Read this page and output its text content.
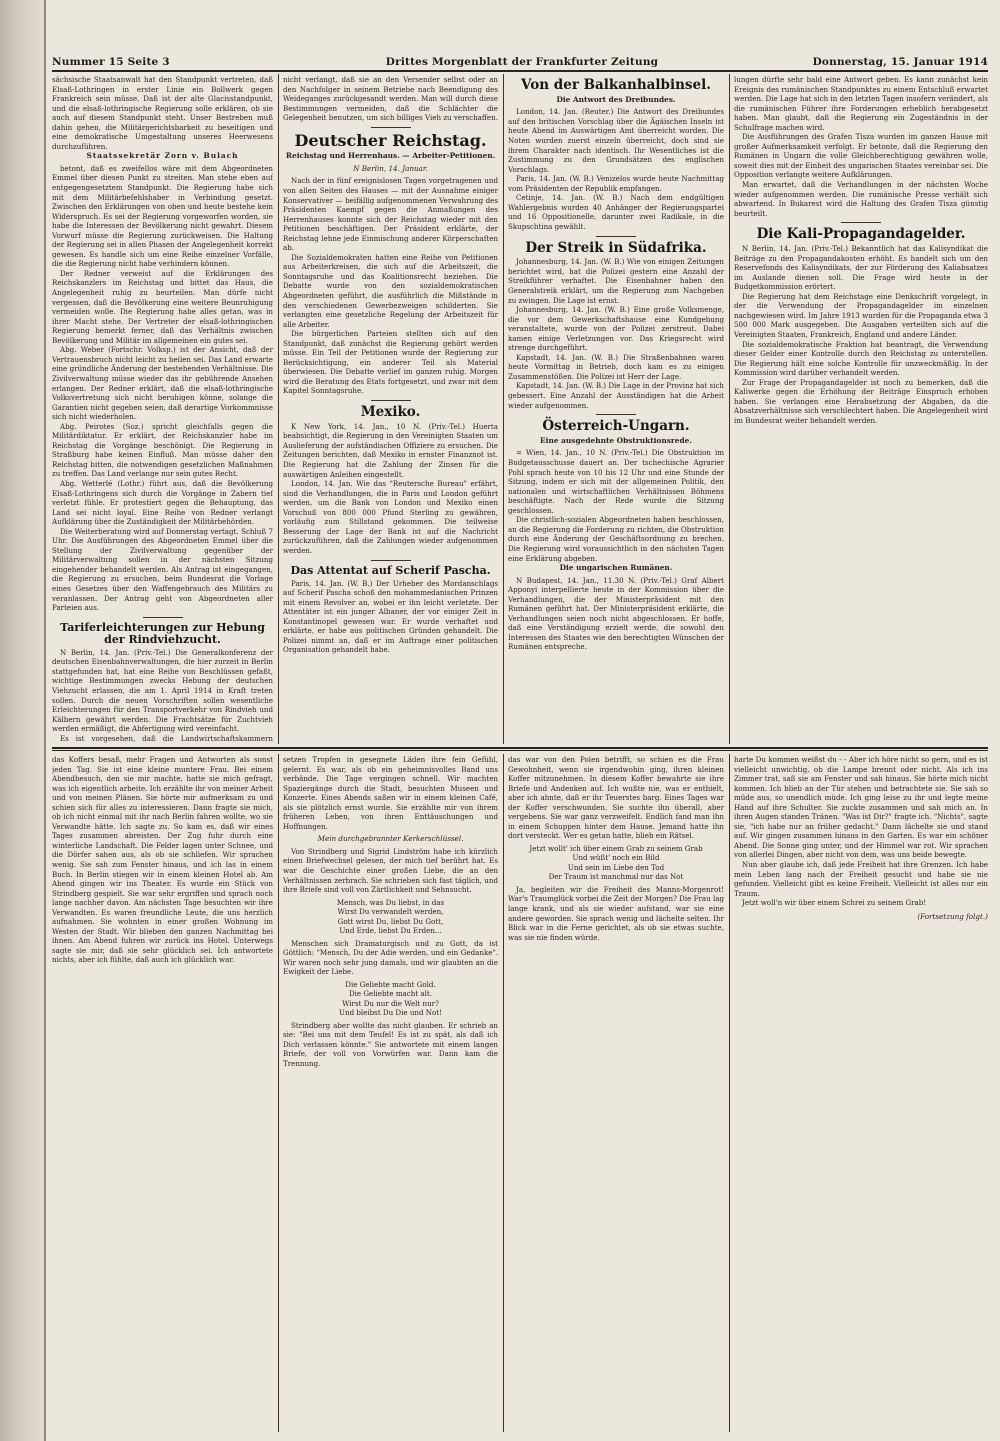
Nummer 15 Seite 3	Drittes Morgenblatt der Frankfurter Zeitung	Donnerstag, 15. Januar 1914

sächsische Staatsanwalt hat den Standpunkt vertreten, daß Elsaß-Lothringen in erster Linie ein Bollwerk gegen Frankreich sein müsse. Daß ist der alte Glacisstandpunkt, und die elsaß-lothringische Regierung solle erklären, ob sie auch auf diesem Standpunkt steht. Unser Bestreben muß dahin gehen, die Militärgerichtsbarkeit zu beseitigen und eine demokratische Umgestaltung unseres Heerwesens durchzuführen.

Staatssekretär Zorn v. Bulach

betont, daß es zweifellos wäre mit dem Abgeordneten Emmel über diesen Punkt zu streiten. Man stehe eben auf entgegengesetztem Standpunkt. Die Regierung habe sich mit dem Militärbefehlshaber in Verbindung gesetzt. Zwischen den Erklärungen von oben und heute bestehe kein Widerspruch. Es sei der Regierung vorgeworfen worden, sie habe die Interessen der Bevölkerung nicht gewahrt. Diesem Vorwurf müsse die Regierung zurückweisen. Die Haltung der Regierung sei in allen Phasen der Angelegenheit korrekt gewesen. Es handle sich um eine Reihe einzelner Vorfälle, die die Regierung nicht habe verhindern können.

Der Redner verweist auf die Erklärungen des Reichskanzlers im Reichstag und bittet das Haus, die Angelegenheit ruhig zu beurteilen. Man dürfe nicht vergessen, daß die Bevölkerung eine weitere Beunruhigung vermeiden wolle. Die Regierung habe alles getan, was in ihrer Macht stehe. Der Vertreter der elsaß-lothringischen Regierung bemerkt ferner, daß das Verhältnis zwischen Bevölkerung und Militär im allgemeinen ein gutes sei.

Abg. Weber (Fortschr. Volksp.) ist der Ansicht, daß der Vertrauensbruch nicht leicht zu heilen sei. Das Land erwarte eine gründliche Änderung der bestehenden Verhältnisse. Die Zivilverwaltung müsse wieder das ihr gebührende Ansehen erlangen. Der Redner erklärt, daß die elsaß-lothringische Volksvertretung sich nicht beruhigen könne, solange die Garantien nicht gegeben seien, daß derartige Vorkommnisse sich nicht wiederholen.

Abg. Peirotes (Soz.) spricht gleichfalls gegen die Militärdiktatur. Er erklärt, der Reichskanzler habe im Reichstag die Vorgänge beschönigt. Die Regierung in Straßburg habe keinen Einfluß. Man müsse daher den Reichstag bitten, die notwendigen gesetzlichen Maßnahmen zu treffen. Das Land verlange nur sein gutes Recht.

Abg. Wetterlé (Lothr.) führt aus, daß die Bevölkerung Elsaß-Lothringens sich durch die Vorgänge in Zabern tief verletzt fühle. Er protestiert gegen die Behauptung, das Land sei nicht loyal. Eine Reihe von Redner verlangt Aufklärung über die Zuständigkeit der Militärbehörden.

Die Weiterberatung wird auf Donnerstag vertagt. Schluß 7 Uhr. Die Ausführungen des Abgeordneten Emmel über die Stellung der Zivilverwaltung gegenüber der Militärverwaltung sollen in der nächsten Sitzung eingehender behandelt werden. Als Antrag ist eingegangen, die Regierung zu ersuchen, beim Bundesrat die Vorlage eines Gesetzes über den Waffengebrauch des Militärs zu veranlassen. Der Antrag geht von Abgeordneten aller Parteien aus.

Tariferleichterungen zur Hebung der Rindviehzucht.

N Berlin, 14. Jan. (Priv.-Tel.) Die Generalkonferenz der deutschen Eisenbahnverwaltungen, die hier zurzeit in Berlin stattgefunden hat, hat eine Reihe von Beschlüssen gefaßt, wichtige Bestimmungen zwecks Hebung der deutschen Viehzucht erlassen, die am 1. April 1914 in Kraft treten sollen. Durch die neuen Vorschriften sollen wesentliche Erleichterungen für den Transportverkehr von Rindvieh und Kälbern gewährt werden. Die Frachtsätze für Zuchtvieh werden ermäßigt, die Abfertigung wird vereinfacht.

Es ist vorgesehen, daß die Landwirtschaftskammern

nicht verlangt, daß sie an den Versender selbst oder an den Nachfolger in seinem Betriebe nach Beendigung des Weideganges zurückgesandt werden. Man will durch diese Bestimmungen vermeiden, daß die Schlächter die Gelegenheit benutzen, um sich billiges Vieh zu verschaffen.

Deutscher Reichstag.
Reichstag und Herrenhaus. — Arbeiter-Petitionen.
N Berlin, 14. Januar.

Nach der in fünf ereignislosen Tagen vorgetragenen und von allen Seiten des Hauses — mit der Ausnahme einiger Konservativer — beifällig aufgenommenen Verwahrung des Präsidenten Kaempf gegen die Anmaßungen des Herrenhauses konnte sich der Reichstag wieder mit den Petitionen beschäftigen. Der Präsident erklärte, der Reichstag lehne jede Einmischung anderer Körperschaften ab.

Die Sozialdemokraten hatten eine Reihe von Petitionen aus Arbeiterkreisen, die sich auf die Arbeitszeit, die Sonntagsruhe und das Koalitionsrecht beziehen. Die Debatte wurde von den sozialdemokratischen Abgeordneten geführt, die ausführlich die Mißstände in den verschiedenen Gewerbezweigen schilderten. Sie verlangten eine gesetzliche Regelung der Arbeitszeit für alle Arbeiter.

Die bürgerlichen Parteien stellten sich auf den Standpunkt, daß zunächst die Regierung gehört werden müsse. Ein Teil der Petitionen wurde der Regierung zur Berücksichtigung, ein anderer Teil als Material überwiesen. Die Debatte verlief im ganzen ruhig. Morgen wird die Beratung des Etats fortgesetzt, und zwar mit dem Kapitel Sonntagsruhe.

Mexiko.

K New York, 14. Jan., 10 N. (Priv.-Tel.) Huerta beabsichtigt, die Regierung in den Vereinigten Staaten um Auslieferung der aufständischen Offiziere zu ersuchen. Die Zeitungen berichten, daß Mexiko in ernster Finanznot ist. Die Regierung hat die Zahlung der Zinsen für die auswärtigen Anleihen eingestellt.

London, 14. Jan. Wie das "Reutersche Bureau" erfährt, sind die Verhandlungen, die in Paris und London geführt werden, um die Bank von London und Mexiko einen Vorschuß von 800 000 Pfund Sterling zu gewähren, vorläufig zum Stillstand gekommen. Die teilweise Besserung der Lage der Bank ist auf die Nachricht zurückzuführen, daß die Zahlungen wieder aufgenommen werden.

Das Attentat auf Scherif Pascha.

Paris, 14. Jan. (W. B.) Der Urheber des Mordanschlags auf Scherif Pascha schoß den mohammedanischen Prinzen mit einem Revolver an, wobei er ihn leicht verletzte. Der Attentäter ist ein junger Albaner, der vor einiger Zeit in Konstantinopel gewesen war. Er wurde verhaftet und erklärte, er habe aus politischen Gründen gehandelt. Die Polizei nimmt an, daß er im Auftrage einer politischen Organisation gehandelt habe.

Von der Balkanhalbinsel.
Die Antwort des Dreibundes.

London, 14. Jan. (Reuter.) Die Antwort des Dreibundes auf den britischen Vorschlag über die Ägäischen Inseln ist heute Abend im Auswärtigen Amt überreicht worden. Die Noten wurden zuerst einzeln überreicht, doch sind sie ihrem Charakter nach identisch. Ihr Wesentliches ist die Zustimmung zu den Grundsätzen des englischen Vorschlags.

Paris, 14. Jan. (W. B.) Venizelos wurde heute Nachmittag vom Präsidenten der Republik empfangen.

Cetinje, 14. Jan. (W. B.) Nach dem endgültigen Wahlergebnis wurden 40 Anhänger der Regierungspartei und 16 Oppositionelle, darunter zwei Radikale, in die Skupschtina gewählt.

Der Streik in Südafrika.

Johannesburg, 14. Jan. (W. B.) Wie von einigen Zeitungen berichtet wird, hat die Polizei gestern eine Anzahl der Streikführer verhaftet. Die Eisenbahner haben den Generalstreik erklärt, um die Regierung zum Nachgeben zu zwingen. Die Lage ist ernst.

Johannesburg, 14. Jan. (W. B.) Eine große Volksmenge, die vor dem Gewerkschaftshause eine Kundgebung veranstaltete, wurde von der Polizei zerstreut. Dabei kamen einige Verletzungen vor. Das Kriegsrecht wird strenge durchgeführt.

Kapstadt, 14. Jan. (W. B.) Die Straßenbahnen waren heute Vormittag in Betrieb, doch kam es zu einigen Zusammenstößen. Die Polizei ist Herr der Lage.

Kapstadt, 14. Jan. (W. B.) Die Lage in der Provinz hat sich gebessert. Eine Anzahl der Ausständigen hat die Arbeit wieder aufgenommen.

Österreich-Ungarn.
Eine ausgedehnte Obstruktionsrede.

= Wien, 14. Jan., 10 N. (Priv.-Tel.) Die Obstruktion im Budgetausschusse dauert an. Der tschechische Agrarier Pohl sprach heute von 10 bis 12 Uhr und eine Stunde der Sitzung, indem er sich mit der allgemeinen Politik, den nationalen und wirtschaftlichen Verhältnissen Böhmens beschäftigte. Nach der Rede wurde die Sitzung geschlossen.

Die christlich-sozialen Abgeordneten haben beschlossen, an die Regierung die Forderung zu richten, die Obstruktion durch eine Änderung der Geschäftsordnung zu brechen. Die Regierung wird voraussichtlich in den nächsten Tagen eine Erklärung abgeben.

Die ungarischen Rumänen.

N Budapest, 14. Jan., 11.30 N. (Priv.-Tel.) Graf Albert Apponyi interpellierte heute in der Kommission über die Verhandlungen, die der Ministerpräsident mit den Rumänen geführt hat. Der Ministerpräsident erklärte, die Verhandlungen seien noch nicht abgeschlossen. Er hoffe, daß eine Verständigung erzielt werde, die sowohl den Interessen des Staates wie den berechtigten Wünschen der Rumänen entspreche.

lungen dürfte sehr bald eine Antwort geben. Es kann zunächst kein Ereignis des rumänischen Standpunktes zu einem Entschluß erwartet werden. Die Lage hat sich in den letzten Tagen insofern verändert, als die rumänischen Führer ihre Forderungen erheblich herabgesetzt haben. Man glaubt, daß die Regierung ein Zugeständnis in der Schulfrage machen wird.

Die Ausführungen des Grafen Tisza wurden im ganzen Hause mit großer Aufmerksamkeit verfolgt. Er betonte, daß die Regierung den Rumänen in Ungarn die volle Gleichberechtigung gewähren wolle, soweit dies mit der Einheit des ungarischen Staates vereinbar sei. Die Opposition verlangte weitere Aufklärungen.

Man erwartet, daß die Verhandlungen in der nächsten Woche wieder aufgenommen werden. Die rumänische Presse verhält sich abwartend. In Bukarest wird die Haltung des Grafen Tisza günstig beurteilt.

Die Kali-Propagandagelder.

N Berlin, 14. Jan. (Priv.-Tel.) Bekanntlich hat das Kalisyndikat die Beiträge zu den Propagandakosten erhöht. Es handelt sich um den Reservefonds des Kalisyndikats, der zur Förderung des Kaliabsatzes im Auslande dienen soll. Die Frage wird heute in der Budgetkommission erörtert.

Die Regierung hat dem Reichstage eine Denkschrift vorgelegt, in der die Verwendung der Propagandagelder im einzelnen nachgewiesen wird. Im Jahre 1913 wurden für die Propaganda etwa 3 500 000 Mark ausgegeben. Die Ausgaben verteilten sich auf die Vereinigten Staaten, Frankreich, England und andere Länder.

Die sozialdemokratische Fraktion hat beantragt, die Verwendung dieser Gelder einer Kontrolle durch den Reichstag zu unterstellen. Die Regierung hält eine solche Kontrolle für unzweckmäßig. In der Kommission wird darüber verhandelt werden.

Zur Frage der Propagandagelder ist noch zu bemerken, daß die Kaliwerke gegen die Erhöhung der Beiträge Einspruch erhoben haben. Sie verlangen eine Herabsetzung der Abgaben, da die Absatzverhältnisse sich verschlechtert haben. Die Angelegenheit wird im Bundesrat weiter behandelt werden.

das Koffers besaß, mehr Fragen und Antworten als sonst jeden Tag. Sie ist eine kleine muntere Frau. Bei einem Abendbesuch, den sie mir machte, hatte sie mich gefragt, was ich eigentlich arbeite. Ich erzählte ihr von meiner Arbeit und von meinen Plänen. Sie hörte mir aufmerksam zu und schien sich für alles zu interessieren. Dann fragte sie mich, ob ich nicht einmal mit ihr nach Berlin fahren wollte, wo sie Verwandte hätte. Ich sagte zu. So kam es, daß wir eines Tages zusammen abreisten. Der Zug fuhr durch eine winterliche Landschaft. Die Felder lagen unter Schnee, und die Dörfer sahen aus, als ob sie schliefen. Wir sprachen wenig. Sie sah zum Fenster hinaus, und ich las in einem Buch. In Berlin stiegen wir in einem kleinen Hotel ab. Am Abend gingen wir ins Theater. Es wurde ein Stück von Strindberg gespielt. Sie war sehr ergriffen und sprach noch lange nachher davon. Am nächsten Tage besuchten wir ihre Verwandten. Es waren freundliche Leute, die uns herzlich aufnahmen. Sie wohnten in einer großen Wohnung im Westen der Stadt. Wir blieben den ganzen Nachmittag bei ihnen. Am Abend fuhren wir zurück ins Hotel. Unterwegs sagte sie mir, daß sie sehr glücklich sei. Ich antwortete nichts, aber ich fühlte, daß auch ich glücklich war.

setzen Tropfen in gesegnete Läden ihre fein Gefühl, gelernt. Es war, als ob ein geheimnisvolles Band uns verbände. Die Tage vergingen schnell. Wir machten Spaziergänge durch die Stadt, besuchten Museen und Konzerte. Eines Abends saßen wir in einem kleinen Café, als sie plötzlich ernst wurde. Sie erzählte mir von ihrem früheren Leben, von ihren Enttäuschungen und Hoffnungen.

Mein durchgebrannter Kerkerschlüssel.

Von Strindberg und Sigrid Lindström habe ich kürzlich einen Briefwechsel gelesen, der mich tief berührt hat. Es war die Geschichte einer großen Liebe, die an den Verhältnissen zerbrach. Sie schrieben sich fast täglich, und ihre Briefe sind voll von Zärtlichkeit und Sehnsucht.

Mensch, was Du liebst, in das
Wirst Du verwandelt werden,
Gott wirst Du, liebst Du Gott,
Und Erde, liebst Du Erden...

Menschen sich Dramaturgisch und zu Gott, da ist Göttlich: "Mensch, Du der Adie werden, und ein Gedanke". Wir waren noch sehr jung damals, und wir glaubten an die Ewigkeit der Liebe.

Die Geliebte macht Gold.
Die Geliebte macht alt.
Wirst Du nur die Welt nur?
Und bleibst Du Die und Not!

Strindberg aber wollte das nicht glauben. Er schrieb an sie: "Bei uns mit dem Teufel! Es ist zu spät, als daß ich Dich verlassen könnte." Sie antwortete mit einem langen Briefe, der voll von Vorwürfen war. Dann kam die Trennung.

das war von den Polen betrifft, so schien es die Frau Gewohnheit, wenn sie irgendwohin ging, ihren kleinen Koffer mitzunehmen. In diesem Koffer bewahrte sie ihre Briefe und Andenken auf. Ich wußte nie, was er enthielt, aber ich ahnte, daß er ihr Teuerstes barg. Eines Tages war der Koffer verschwunden. Sie suchte ihn überall, aber vergebens. Sie war ganz verzweifelt. Endlich fand man ihn in einem Schuppen hinter dem Hause. Jemand hatte ihn dort versteckt. Wer es getan hatte, blieb ein Rätsel.

Jetzt wollt' ich über einem Grab zu seinem Grab
Und wüßt' noch ein Bild
Und sein im Liebe den Tod
Der Traum ist manchmal nur das Not

Ja, begleiten wir die Freiheit des Manns-Morgenrot! War's Traumglück vorbei die Zeit der Morgen? Die Frau lag lange krank, und als sie wieder aufstand, war sie eine andere geworden. Sie sprach wenig und lächelte selten. Ihr Blick war in die Ferne gerichtet, als ob sie etwas suchte, was sie nie finden würde.

harte Du kommen weißst du - - Aber ich höre nicht so gern, und es ist vielleicht unwichtig, ob die Lampe brennt oder nicht. Als ich ins Zimmer trat, saß sie am Fenster und sah hinaus. Sie hörte mich nicht kommen. Ich blieb an der Tür stehen und betrachtete sie. Sie sah so müde aus, so unendlich müde. Ich ging leise zu ihr und legte meine Hand auf ihre Schulter. Sie zuckte zusammen und sah mich an. In ihren Augen standen Tränen. "Was ist Dir?" fragte ich. "Nichts", sagte sie, "ich habe nur an früher gedacht." Dann lächelte sie und stand auf. Wir gingen zusammen hinaus in den Garten. Es war ein schöner Abend. Die Sonne ging unter, und der Himmel war rot. Wir sprachen von allerlei Dingen, aber nicht von dem, was uns beide bewegte.

Nun aber glaube ich, daß jede Freiheit hat ihre Grenzen. Ich habe mein Leben lang nach der Freiheit gesucht und habe sie nie gefunden. Vielleicht gibt es keine Freiheit. Vielleicht ist alles nur ein Traum.

Jetzt woll'n wir über einem Schrei zu seinem Grab!

(Fortsetzung folgt.)
